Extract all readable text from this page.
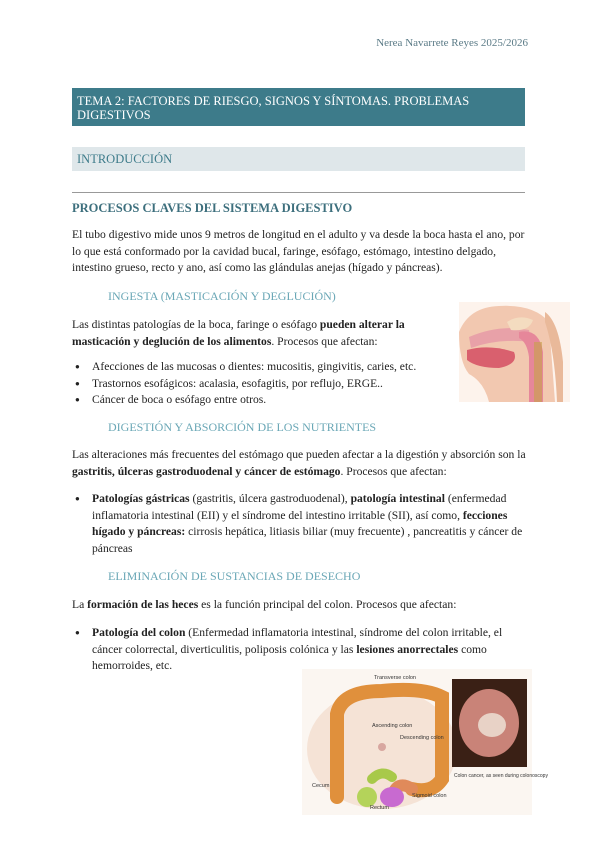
Nerea Navarrete Reyes 2025/2026
TEMA 2: FACTORES DE RIESGO, SIGNOS Y SÍNTOMAS. PROBLEMAS DIGESTIVOS
INTRODUCCIÓN
PROCESOS CLAVES DEL SISTEMA DIGESTIVO
El tubo digestivo mide unos 9 metros de longitud en el adulto y va desde la boca hasta el ano, por lo que está conformado por la cavidad bucal, faringe, esófago, estómago, intestino delgado, intestino grueso, recto y ano, así como las glándulas anejas (hígado y páncreas).
INGESTA (MASTICACIÓN Y DEGLUCIÓN)
Las distintas patologías de la boca, faringe o esófago pueden alterar la masticación y deglución de los alimentos. Procesos que afectan:
● Afecciones de las mucosas o dientes: mucositis, gingivitis, caries, etc.
● Trastornos esofágicos: acalasia, esofagitis, por reflujo, ERGE..
● Cáncer de boca o esófago entre otros.
DIGESTIÓN Y ABSORCIÓN DE LOS NUTRIENTES
Las alteraciones más frecuentes del estómago que pueden afectar a la digestión y absorción son la gastritis, úlceras gastroduodenal y cáncer de estómago. Procesos que afectan:
● Patologías gástricas (gastritis, úlcera gastroduodenal), patología intestinal (enfermedad inflamatoria intestinal (EII) y el síndrome del intestino irritable (SII), así como, fecciones hígado y páncreas: cirrosis hepática, litiasis biliar (muy frecuente) , pancreatitis y cáncer de páncreas
ELIMINACIÓN DE SUSTANCIAS DE DESECHO
La formación de las heces es la función principal del colon. Procesos que afectan:
● Patología del colon (Enfermedad inflamatoria intestinal, síndrome del colon irritable, el cáncer colorrectal, diverticulitis, poliposis colónica y las lesiones anorrectales como hemorroides, etc.
Transverse colon
Ascending colon
Descending colon
Cecum
Rectum
Sigmoid colon
Colon cancer, as seen during colonoscopy
